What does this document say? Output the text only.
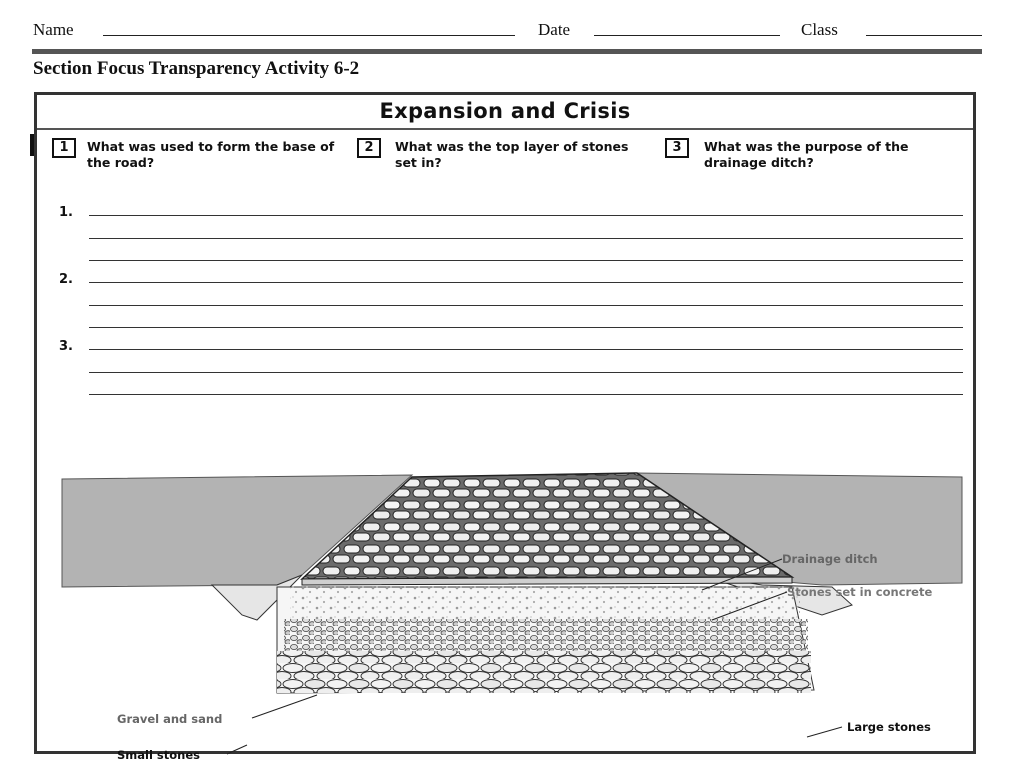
Name	Date	Class
Section Focus Transparency Activity 6-2
Expansion and Crisis
1	What was used to form the base of the road?
2	What was the top layer of stones set in?
3	What was the purpose of the drainage ditch?
1.
2.
3.
Drainage ditch
Stones set in concrete
Gravel and sand
Small stones
Large stones
